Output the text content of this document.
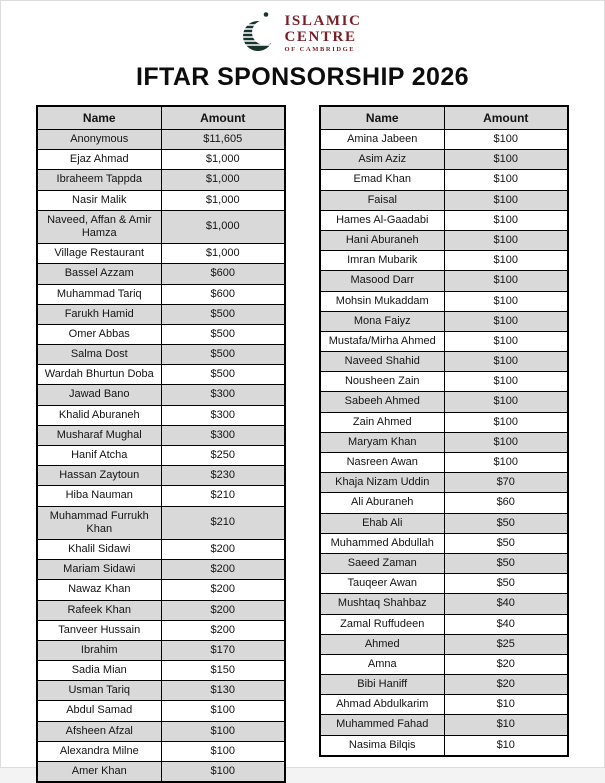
ISLAMIC
CENTRE
OF CAMBRIDGE
IFTAR SPONSORSHIP 2026
Name	Amount
Anonymous	$11,605
Ejaz Ahmad	$1,000
Ibraheem Tappda	$1,000
Nasir Malik	$1,000
Naveed, Affan & Amir Hamza	$1,000
Village Restaurant	$1,000
Bassel Azzam	$600
Muhammad Tariq	$600
Farukh Hamid	$500
Omer Abbas	$500
Salma Dost	$500
Wardah Bhurtun Doba	$500
Jawad Bano	$300
Khalid Aburaneh	$300
Musharaf Mughal	$300
Hanif Atcha	$250
Hassan Zaytoun	$230
Hiba Nauman	$210
Muhammad Furrukh Khan	$210
Khalil Sidawi	$200
Mariam Sidawi	$200
Nawaz Khan	$200
Rafeek Khan	$200
Tanveer Hussain	$200
Ibrahim	$170
Sadia Mian	$150
Usman Tariq	$130
Abdul Samad	$100
Afsheen Afzal	$100
Alexandra Milne	$100
Amer Khan	$100
Name	Amount
Amina Jabeen	$100
Asim Aziz	$100
Emad Khan	$100
Faisal	$100
Hames Al-Gaadabi	$100
Hani Aburaneh	$100
Imran Mubarik	$100
Masood Darr	$100
Mohsin Mukaddam	$100
Mona Faiyz	$100
Mustafa/Mirha Ahmed	$100
Naveed Shahid	$100
Nousheen Zain	$100
Sabeeh Ahmed	$100
Zain Ahmed	$100
Maryam Khan	$100
Nasreen Awan	$100
Khaja Nizam Uddin	$70
Ali Aburaneh	$60
Ehab Ali	$50
Muhammed Abdullah	$50
Saeed Zaman	$50
Tauqeer Awan	$50
Mushtaq Shahbaz	$40
Zamal Ruffudeen	$40
Ahmed	$25
Amna	$20
Bibi Haniff	$20
Ahmad Abdulkarim	$10
Muhammed Fahad	$10
Nasima Bilqis	$10
